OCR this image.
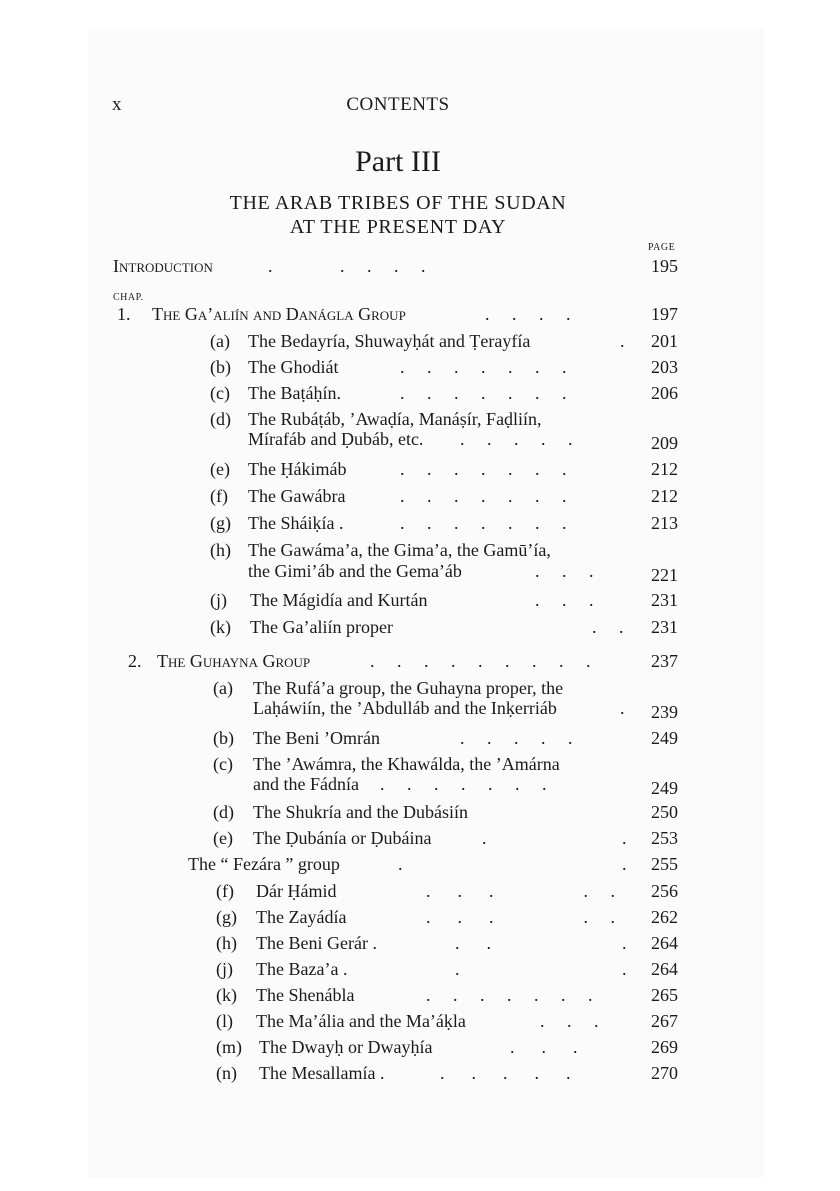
x	CONTENTS
Part III
THE ARAB TRIBES OF THE SUDAN
AT THE PRESENT DAY
PAGE
Introduction	.               .     .     .     .	195
CHAP.
1. The Ga’aliín and Danágla Group	.     .     .     .	197
(a) The Bedayría, Shuwayḥát and Ṭerayfía	. 201
(b) The Ghodiát	.     .     .     .     .     .     .	203
(c) The Baṭáḥín.	.     .     .     .     .     .     .	206
(d) The Rubáṭáb, ’Awaḍía, Manáṣír, Faḍliín,
Mírafáb and Ḍubáb, etc. .     .     .     .     .	209
(e) The Ḥákimáb	.     .     .     .     .     .     .	212
(f) The Gawábra	.     .     .     .     .     .     .	212
(g) The Sháiḳía .	.     .     .     .     .     .     .	213
(h) The Gawáma’a, the Gima’a, the Gamū’ía,
the Gimi’áb and the Gema’áb	.     .     .	221
(j) The Mágidía and Kurtán	.     .     .	231
(k) The Ga’aliín proper	.     . 231
2. The Guhayna Group	.     .     .     .     .     .     .     .     .	237
(a) The Rufá’a group, the Guhayna proper, the
Laḥáwiín, the ’Abdulláb and the Inḳerriáb	. 239
(b) The Beni ’Omrán	.     .     .     .     .	249
(c) The ’Awámra, the Khawálda, the ’Amárna
and the Fádnía .     .     .     .     .     .     .	249
(d) The Shukría and the Dubásiín	250
(e) The Ḍubánía or Ḍubáina	.	. 253
The “ Fezára ” group	.	. 255
(f) Dár Ḥámid	.      .      .                    .     . 256
(g) The Zayádía	.      .      .                    .     . 262
(h) The Beni Gerár .	.      .	. 264
(j) The Baza’a .	.	. 264
(k) The Shenábla	.     .     .     .     .     .     .	265
(l) The Ma’ália and the Ma’áḳla	.     .     .	267
(m) The Dwayḥ or Dwayḥía	.      .      .	269
(n) The Mesallamía .	.      .      .      .      .	270
